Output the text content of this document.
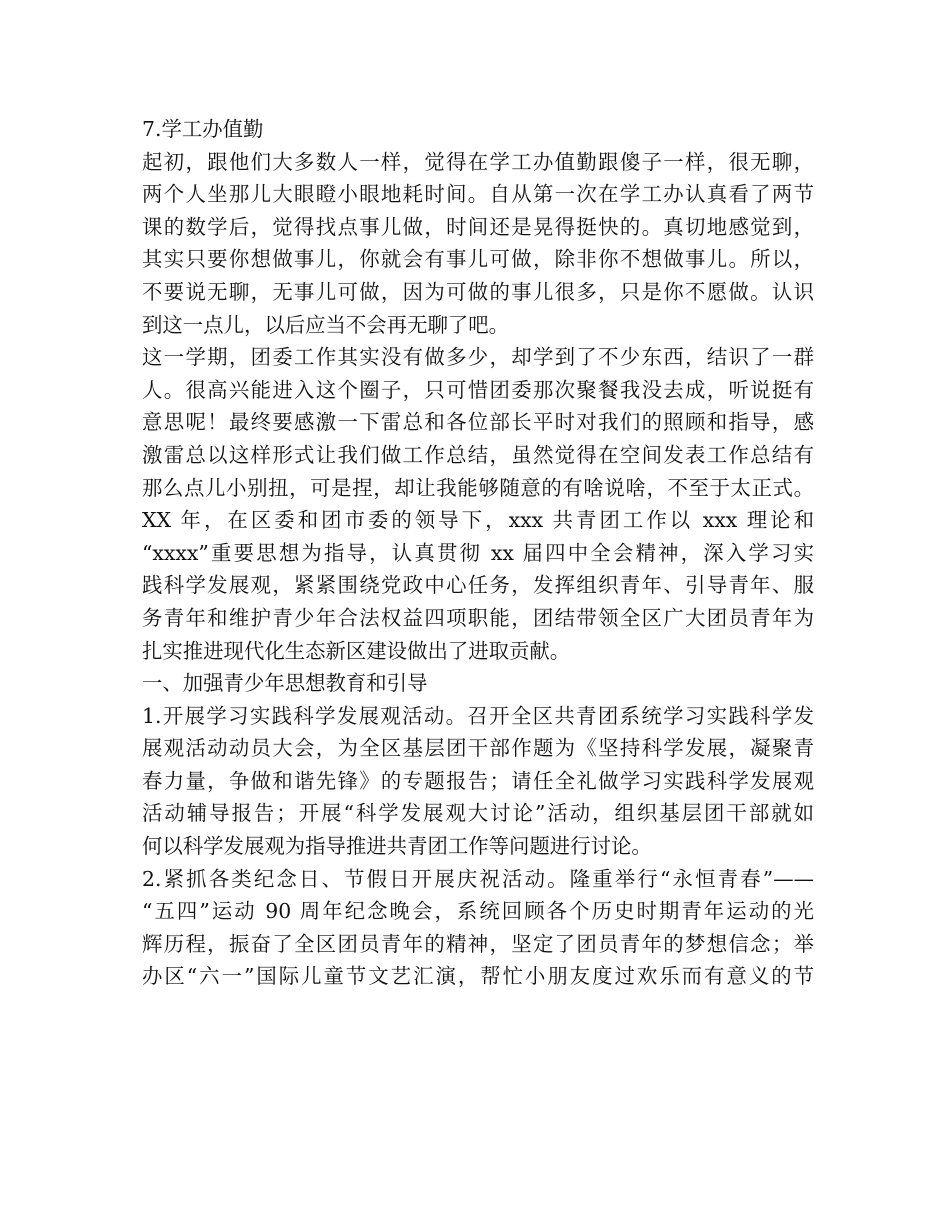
7.学工办值勤
起初，跟他们大多数人一样，觉得在学工办值勤跟傻子一样，很无聊，
两个人坐那儿大眼瞪小眼地耗时间。自从第一次在学工办认真看了两节
课的数学后，觉得找点事儿做，时间还是晃得挺快的。真切地感觉到，
其实只要你想做事儿，你就会有事儿可做，除非你不想做事儿。所以，
不要说无聊，无事儿可做，因为可做的事儿很多，只是你不愿做。认识
到这一点儿，以后应当不会再无聊了吧。
这一学期，团委工作其实没有做多少，却学到了不少东西，结识了一群
人。很高兴能进入这个圈子，只可惜团委那次聚餐我没去成，听说挺有
意思呢！最终要感激一下雷总和各位部长平时对我们的照顾和指导，感
激雷总以这样形式让我们做工作总结，虽然觉得在空间发表工作总结有
那么点儿小别扭，可是捏，却让我能够随意的有啥说啥，不至于太正式。
XX 年，在区委和团市委的领导下，xxx 共青团工作以 xxx 理论和
“xxxx”重要思想为指导，认真贯彻 xx 届四中全会精神，深入学习实
践科学发展观，紧紧围绕党政中心任务，发挥组织青年、引导青年、服
务青年和维护青少年合法权益四项职能，团结带领全区广大团员青年为
扎实推进现代化生态新区建设做出了进取贡献。
一、加强青少年思想教育和引导
1.开展学习实践科学发展观活动。召开全区共青团系统学习实践科学发
展观活动动员大会，为全区基层团干部作题为《坚持科学发展，凝聚青
春力量，争做和谐先锋》的专题报告；请任全礼做学习实践科学发展观
活动辅导报告；开展“科学发展观大讨论”活动，组织基层团干部就如
何以科学发展观为指导推进共青团工作等问题进行讨论。
2.紧抓各类纪念日、节假日开展庆祝活动。隆重举行“永恒青春”——
“五四”运动 90 周年纪念晚会，系统回顾各个历史时期青年运动的光
辉历程，振奋了全区团员青年的精神，坚定了团员青年的梦想信念；举
办区“六一”国际儿童节文艺汇演，帮忙小朋友度过欢乐而有意义的节
